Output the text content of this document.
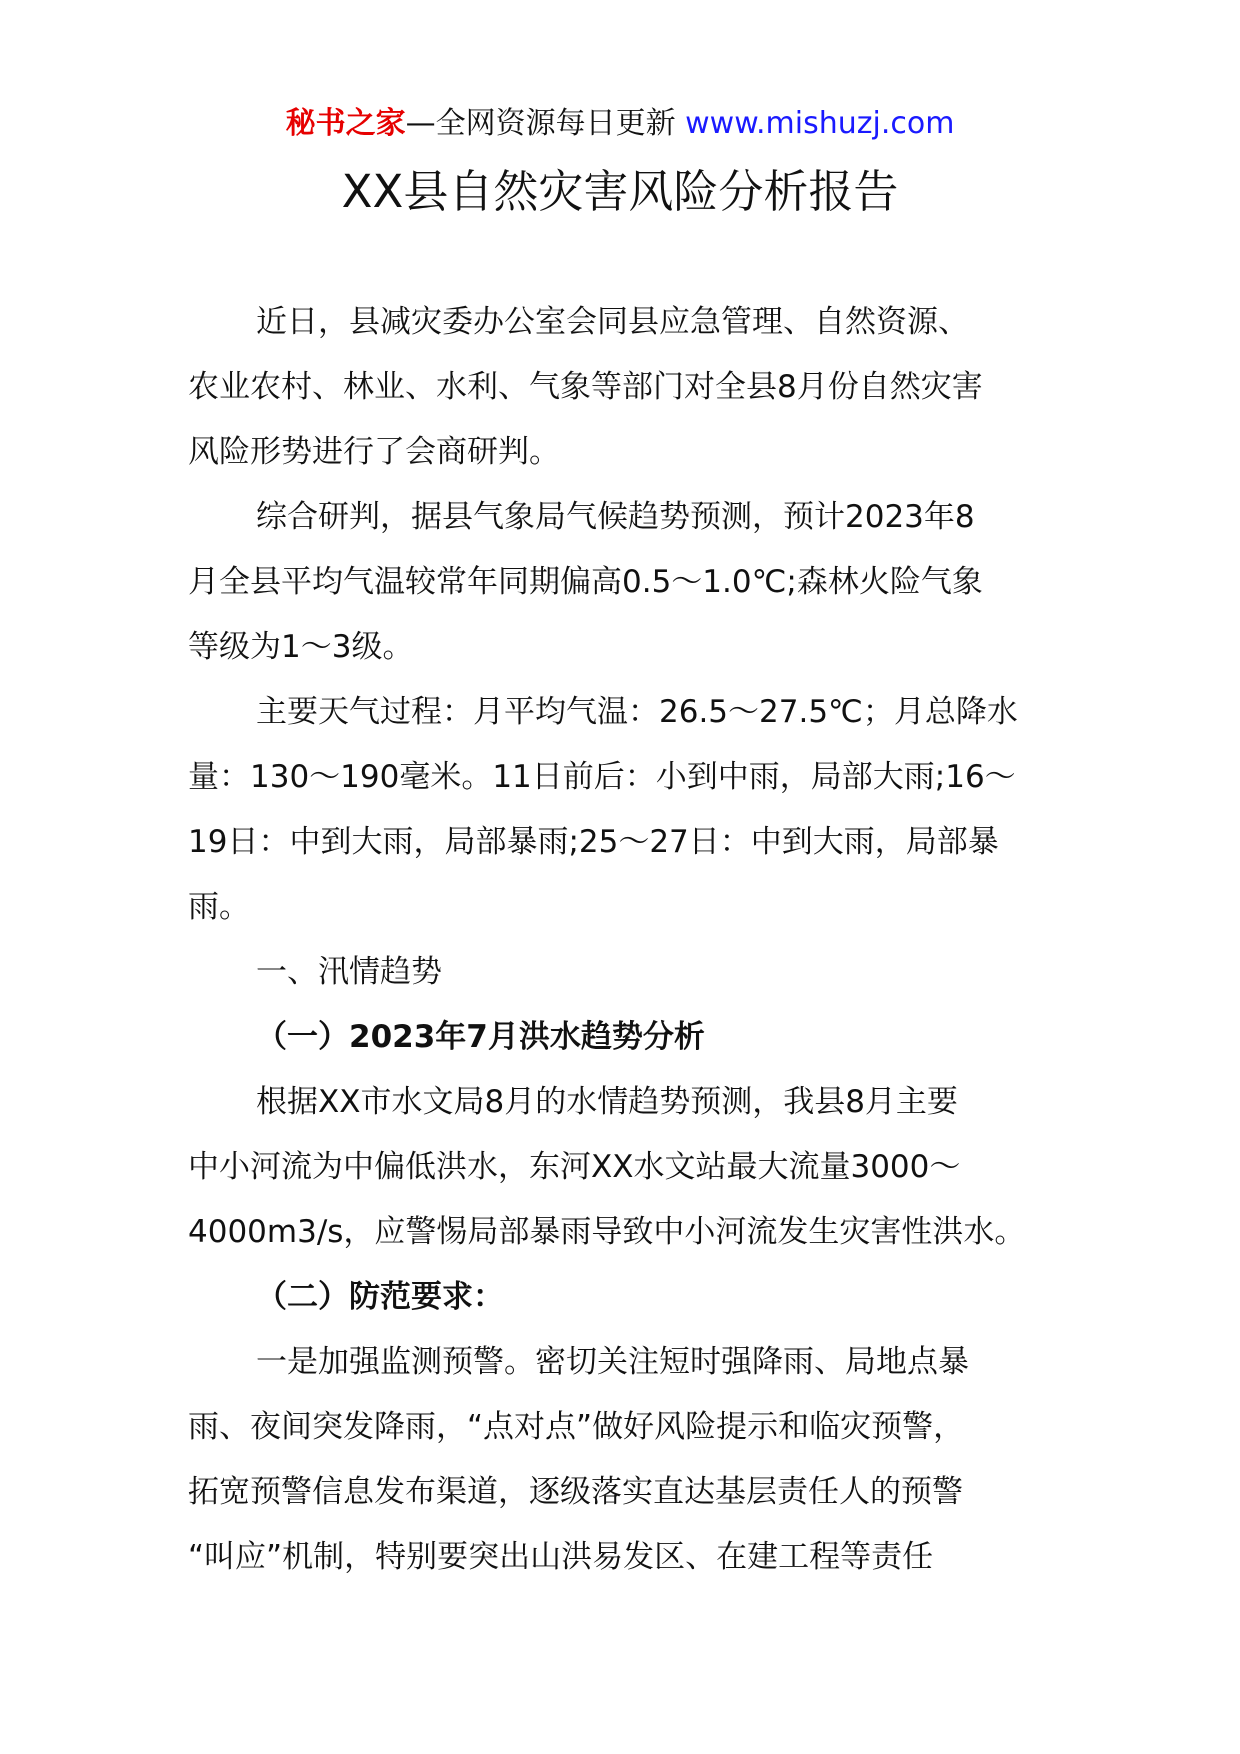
秘书之家—全网资源每日更新 www.mishuzj.com
XX县自然灾害风险分析报告
近日，县减灾委办公室会同县应急管理、自然资源、
农业农村、林业、水利、气象等部门对全县8月份自然灾害
风险形势进行了会商研判。
综合研判，据县气象局气候趋势预测，预计2023年8
月全县平均气温较常年同期偏高0.5～1.0℃;森林火险气象
等级为1～3级。
主要天气过程：月平均气温：26.5～27.5℃；月总降水
量：130～190毫米。11日前后：小到中雨，局部大雨;16～
19日：中到大雨，局部暴雨;25～27日：中到大雨，局部暴
雨。

一、汛情趋势

（一）2023年7月洪水趋势分析

根据XX市水文局8月的水情趋势预测，我县8月主要
中小河流为中偏低洪水，东河XX水文站最大流量3000～
4000m3/s，应警惕局部暴雨导致中小河流发生灾害性洪水。

（二）防范要求：

一是加强监测预警。密切关注短时强降雨、局地点暴
雨、夜间突发降雨，“点对点”做好风险提示和临灾预警，
拓宽预警信息发布渠道，逐级落实直达基层责任人的预警
“叫应”机制，特别要突出山洪易发区、在建工程等责任
